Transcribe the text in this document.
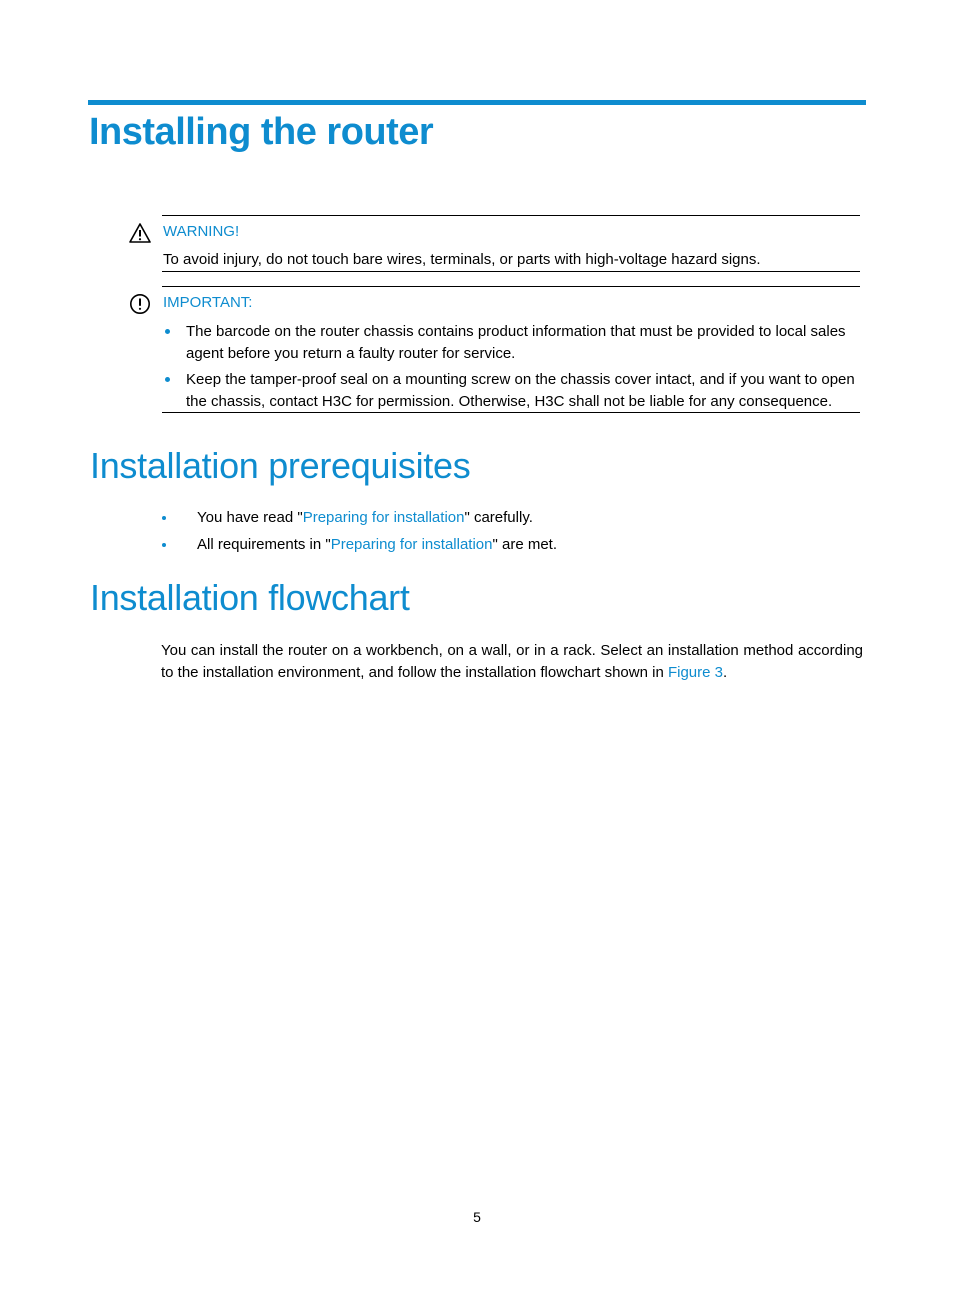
Installing the router
WARNING!
To avoid injury, do not touch bare wires, terminals, or parts with high-voltage hazard signs.
IMPORTANT:
The barcode on the router chassis contains product information that must be provided to local sales agent before you return a faulty router for service.
Keep the tamper-proof seal on a mounting screw on the chassis cover intact, and if you want to open the chassis, contact H3C for permission. Otherwise, H3C shall not be liable for any consequence.
Installation prerequisites
You have read "Preparing for installation" carefully.
All requirements in "Preparing for installation" are met.
Installation flowchart

You can install the router on a workbench, on a wall, or in a rack. Select an installation method according to the installation environment, and follow the installation flowchart shown in Figure 3.

5
